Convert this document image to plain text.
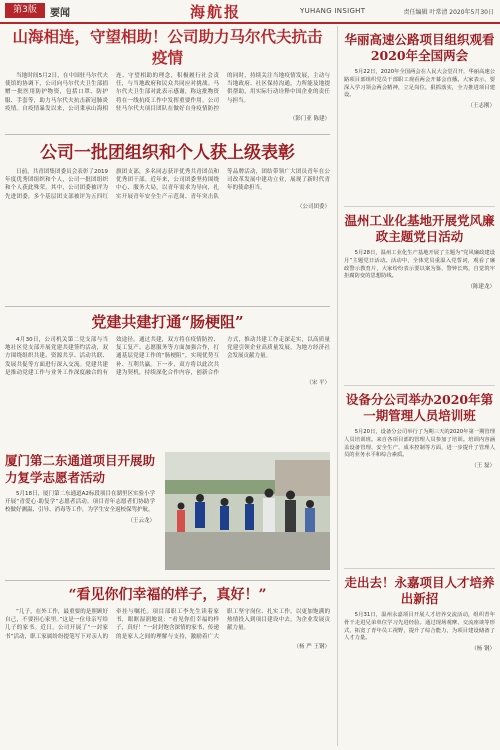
第3版	要闻	海航报	YUHANG INSIGHT	责任编辑 叶常清 2020年5月30日
山海相连，守望相助！公司助力马尔代夫抗击疫情

当地时间5月2日，在中国驻马尔代夫使馆的协调下，公司向马尔代夫卫生部捐赠一批医用防护物资，包括口罩、防护服、手套等，助力马尔代夫抗击新冠肺炎疫情。自疫情暴发以来，公司秉承山海相连、守望相助的理念，积极履行社会责任，与当地政府和民众共同应对挑战。马尔代夫卫生部对此表示感谢，称这批物资将在一线抗疫工作中发挥重要作用。公司驻马尔代夫项目团队在做好自身疫情防控的同时，持续关注当地疫情发展，主动与当地政府、社区保持沟通，力所能及地提供帮助，用实际行动诠释中国企业的责任与担当。

（影门亚 陈建）
公司一批团组织和个人获上级表彰

日前，共青团集团委员会表彰了2019年度优秀团组织和个人，公司一批团组织和个人获此殊荣。其中，公司团委被评为先进团委，多个基层团支部被评为五四红旗团支部，多名同志获评优秀共青团员和优秀团干部。近年来，公司团委坚持围绕中心、服务大局，以青年需求为导向，扎实开展青年安全生产示范岗、青年突击队等品牌活动，团结带领广大团员青年在公司改革发展中建功立业，展现了新时代青年的使命担当。

（公司团委）
党建共建打通“肠梗阻”

4月30日，公司机关第二党支部与当地社区党支部开展党建共建签约活动，双方围绕组织共建、资源共享、活动共联、发展共促等方面进行深入交流。党建共建是推动党建工作与业务工作深度融合的有效途径。通过共建，双方将在疫情防控、复工复产、志愿服务等方面加强合作，打通基层党建工作的“肠梗阻”，实现优势互补、互利共赢。下一步，双方将以此次共建为契机，持续深化合作内容，创新合作方式，推动共建工作走深走实，以高质量党建引领企业高质量发展，为地方经济社会发展贡献力量。

（宋 平）
厦门第二东通道项目开展助力复学志愿者活动

5月18日，厦门第二东通道A2标段项目在湖里区实验小学开展“青爱心·助复学”志愿者活动。项目青年志愿者们协助学校做好测温、引导、消毒等工作，为学生安全返校保驾护航。

（王云龙）
“看见你们幸福的样子，真好！”

“儿子，在外工作，最重要的是照顾好自己，不要担心家里。”这是一位母亲写给儿子的家书。近日，公司开展了“一封家书”活动，职工家属纷纷提笔写下对亲人的牵挂与嘱托。项目部职工李先生读着家书，眼眶湿润地说：“看见你们幸福的样子，真好！”一封封饱含深情的家书，传递的是家人之间的理解与支持，激励着广大职工坚守岗位、扎实工作，以更加饱满的热情投入到项目建设中去，为企业发展贡献力量。

（杨 严 王钢）
华丽高速公路项目组织观看2020年全国两会

5月22日，2020年全国两会在人民大会堂召开，华丽高速公路项目部组织党员干部职工观看两会开幕会直播。大家表示，要深入学习领会两会精神，立足岗位，狠抓落实，全力推进项目建设。

（王志刚）
温州工业化基地开展党风廉政主题党日活动

5月28日，温州工业化生产基地开展了主题为“党风廉政建设月”主题党日活动。活动中，全体党员重温入党誓词，观看了廉政警示教育片，大家纷纷表示要以案为鉴、警钟长鸣，自觉筑牢拒腐防变的思想防线。

（陈建龙）
设备分公司举办2020年第一期管理人员培训班

5月20日，设备分公司举行了为期三天的2020年第一期管理人员培训班。来自各项目部的管理人员参加了培训。培训内容涵盖设备管理、安全生产、成本控制等方面，进一步提升了管理人员的业务水平和综合素质。

（王 磊）
走出去！永嘉项目人才培养出新招

5月31日，温州永嘉项目开展人才培养交流活动，组织青年骨干走进兄弟单位学习先进经验。通过现场观摩、交流座谈等形式，拓宽了青年员工视野，提升了综合能力，为项目建设储备了人才力量。

（杨 钢）
